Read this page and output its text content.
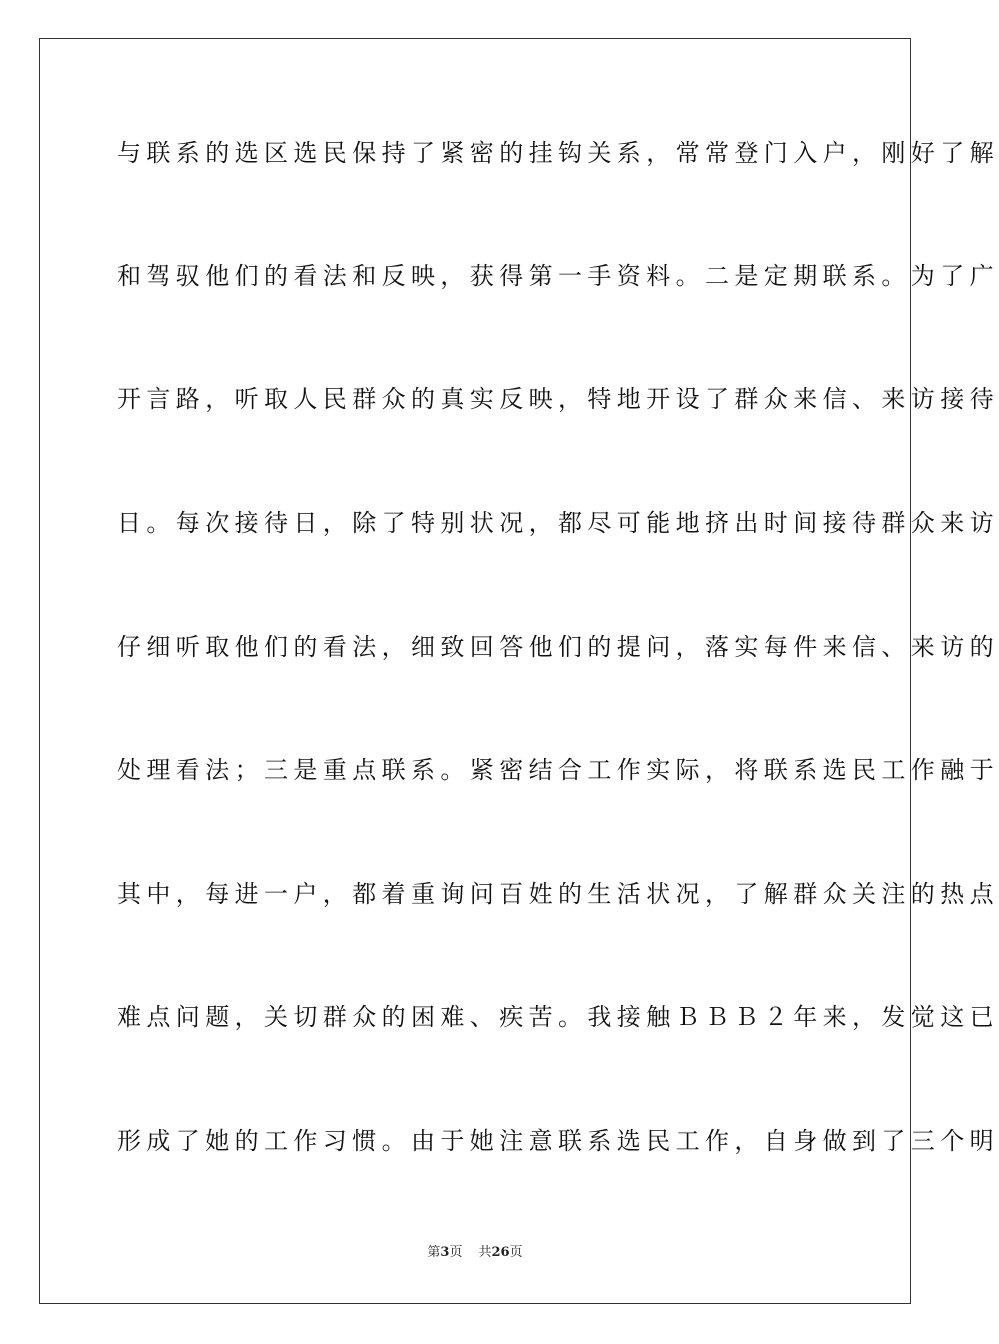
与联系的选区选民保持了紧密的挂钩关系，常常登门入户，刚好了解
和驾驭他们的看法和反映，获得第一手资料。二是定期联系。为了广
开言路，听取人民群众的真实反映，特地开设了群众来信、来访接待
日。每次接待日，除了特别状况，都尽可能地挤出时间接待群众来访
仔细听取他们的看法，细致回答他们的提问，落实每件来信、来访的
处理看法；三是重点联系。紧密结合工作实际，将联系选民工作融于
其中，每进一户，都着重询问百姓的生活状况，了解群众关注的热点
难点问题，关切群众的困难、疾苦。我接触ＢＢＢ２年来，发觉这已
形成了她的工作习惯。由于她注意联系选民工作，自身做到了三个明
第3页 共26页
